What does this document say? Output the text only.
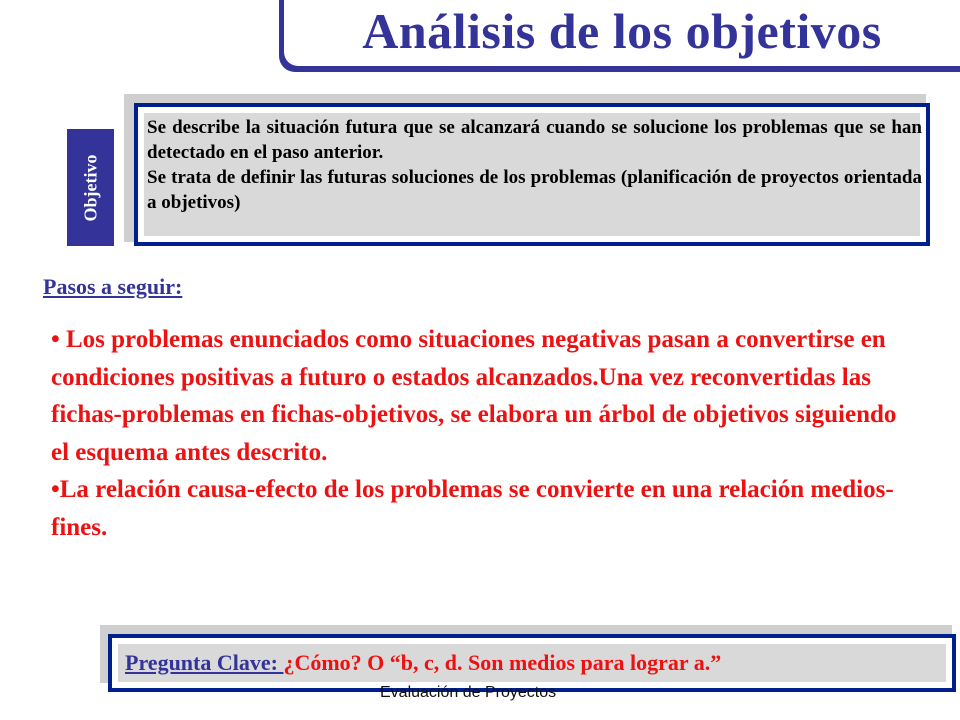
Análisis de los objetivos
Objetivo
Se describe la situación futura que se alcanzará cuando se solucione los problemas que se han detectado en el paso anterior.
Se trata de definir las futuras soluciones de los problemas (planificación de proyectos orientada a objetivos)
Pasos a seguir:
• Los problemas enunciados como situaciones negativas pasan a convertirse en condiciones positivas a futuro o estados alcanzados.Una vez reconvertidas las fichas-problemas en fichas-objetivos, se elabora un árbol de objetivos siguiendo el esquema antes descrito.
•La relación causa-efecto de los problemas se convierte en una relación medios-fines.
Pregunta Clave: ¿Cómo? O “b, c, d. Son medios para lograr a.”
Evaluación de Proyectos
